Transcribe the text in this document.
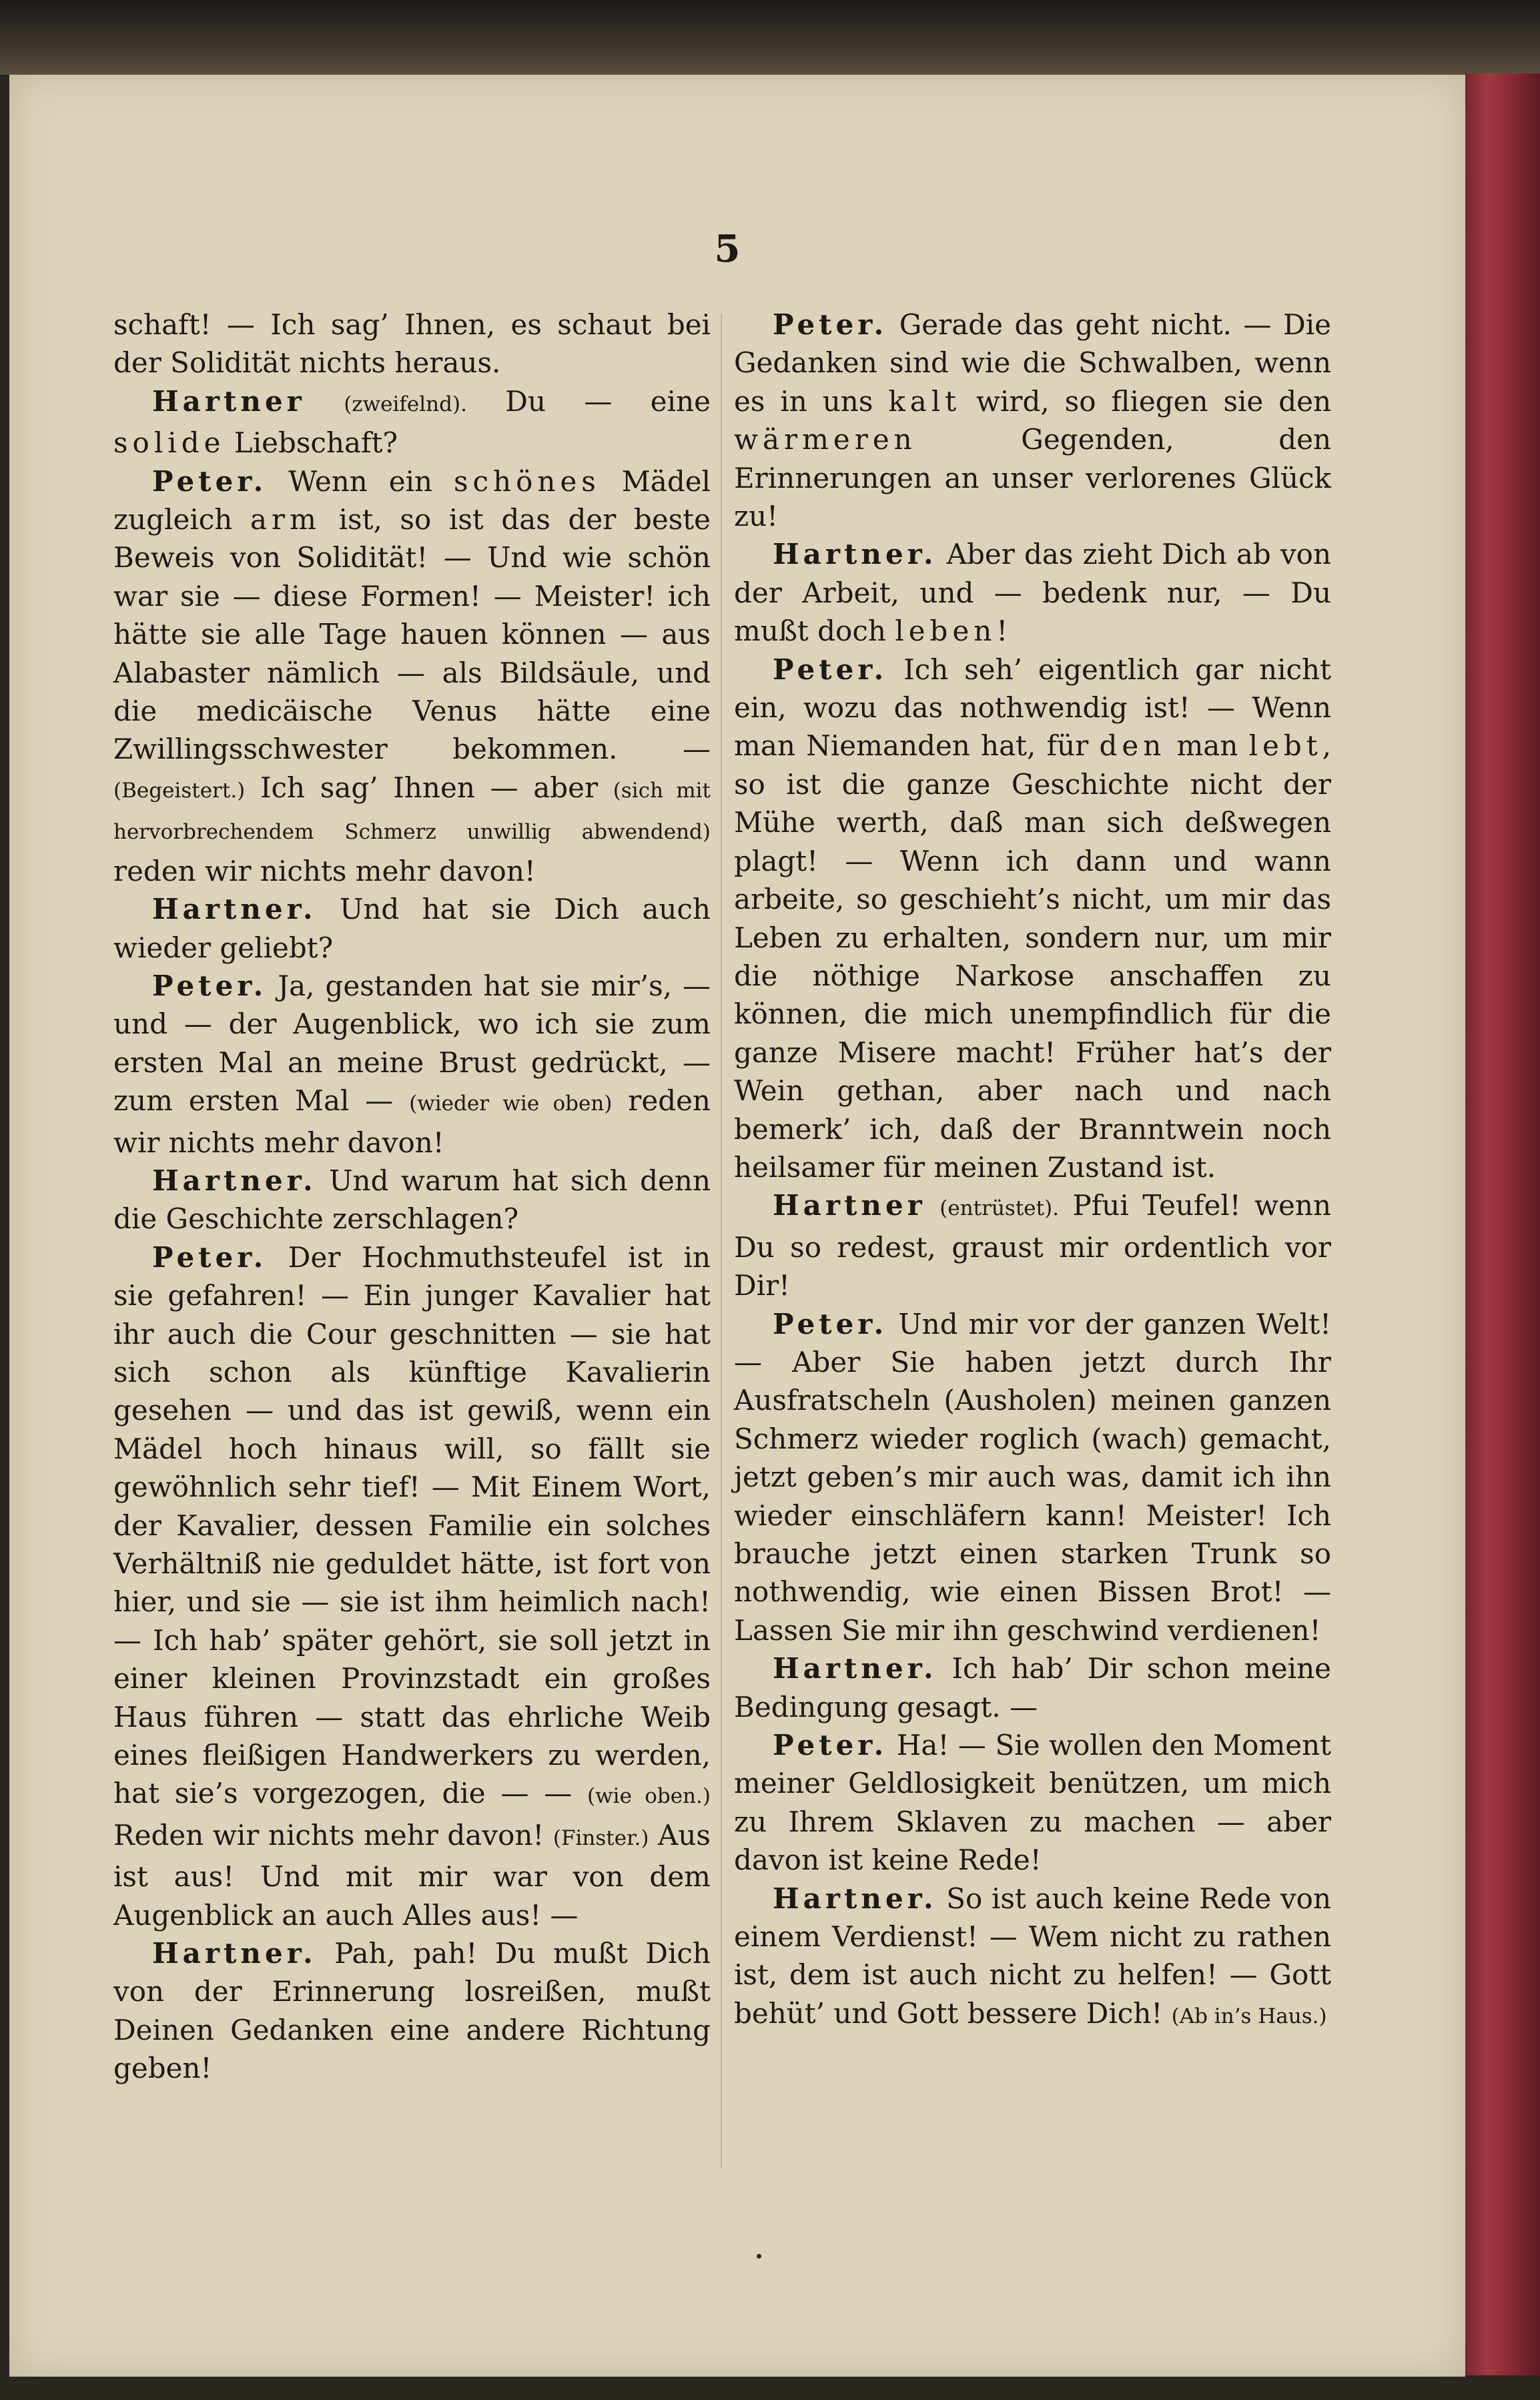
5

schaft! — Ich sag’ Ihnen, es schaut bei der Solidität nichts heraus.

Hartner (zweifelnd). Du — eine solide Liebschaft?

Peter. Wenn ein schönes Mädel zugleich arm ist, so ist das der beste Beweis von Solidität! — Und wie schön war sie — diese Formen! — Meister! ich hätte sie alle Tage hauen können — aus Alabaster nämlich — als Bildsäule, und die medicäische Venus hätte eine Zwillingsschwester bekommen. — (Begeistert.) Ich sag’ Ihnen — aber (sich mit hervorbrechendem Schmerz unwillig abwendend) reden wir nichts mehr davon!

Hartner. Und hat sie Dich auch wieder geliebt?

Peter. Ja, gestanden hat sie mir’s, — und — der Augenblick, wo ich sie zum ersten Mal an meine Brust gedrückt, — zum ersten Mal — (wieder wie oben) reden wir nichts mehr davon!

Hartner. Und warum hat sich denn die Geschichte zerschlagen?

Peter. Der Hochmuthsteufel ist in sie gefahren! — Ein junger Kavalier hat ihr auch die Cour geschnitten — sie hat sich schon als künftige Kavalierin gesehen — und das ist gewiß, wenn ein Mädel hoch hinaus will, so fällt sie gewöhnlich sehr tief! — Mit Einem Wort, der Kavalier, dessen Familie ein solches Verhältniß nie geduldet hätte, ist fort von hier, und sie — sie ist ihm heimlich nach! — Ich hab’ später gehört, sie soll jetzt in einer kleinen Provinzstadt ein großes Haus führen — statt das ehrliche Weib eines fleißigen Handwerkers zu werden, hat sie’s vorgezogen, die — — (wie oben.) Reden wir nichts mehr davon! (Finster.) Aus ist aus! Und mit mir war von dem Augenblick an auch Alles aus! —

Hartner. Pah, pah! Du mußt Dich von der Erinnerung losreißen, mußt Deinen Gedanken eine andere Richtung geben!

Peter. Gerade das geht nicht. — Die Gedanken sind wie die Schwalben, wenn es in uns kalt wird, so fliegen sie den wärmeren Gegenden, den Erinnerungen an unser verlorenes Glück zu!

Hartner. Aber das zieht Dich ab von der Arbeit, und — bedenk nur, — Du mußt doch leben!

Peter. Ich seh’ eigentlich gar nicht ein, wozu das nothwendig ist! — Wenn man Niemanden hat, für den man lebt, so ist die ganze Geschichte nicht der Mühe werth, daß man sich deßwegen plagt! — Wenn ich dann und wann arbeite, so geschieht’s nicht, um mir das Leben zu erhalten, sondern nur, um mir die nöthige Narkose anschaffen zu können, die mich unempfindlich für die ganze Misere macht! Früher hat’s der Wein gethan, aber nach und nach bemerk’ ich, daß der Branntwein noch heilsamer für meinen Zustand ist.

Hartner (entrüstet). Pfui Teufel! wenn Du so redest, graust mir ordentlich vor Dir!

Peter. Und mir vor der ganzen Welt! — Aber Sie haben jetzt durch Ihr Ausfratscheln (Ausholen) meinen ganzen Schmerz wieder roglich (wach) gemacht, jetzt geben’s mir auch was, damit ich ihn wieder einschläfern kann! Meister! Ich brauche jetzt einen starken Trunk so nothwendig, wie einen Bissen Brot! — Lassen Sie mir ihn geschwind verdienen!

Hartner. Ich hab’ Dir schon meine Bedingung gesagt. —

Peter. Ha! — Sie wollen den Moment meiner Geldlosigkeit benützen, um mich zu Ihrem Sklaven zu machen — aber davon ist keine Rede!

Hartner. So ist auch keine Rede von einem Verdienst! — Wem nicht zu rathen ist, dem ist auch nicht zu helfen! — Gott behüt’ und Gott bessere Dich! (Ab in’s Haus.)
